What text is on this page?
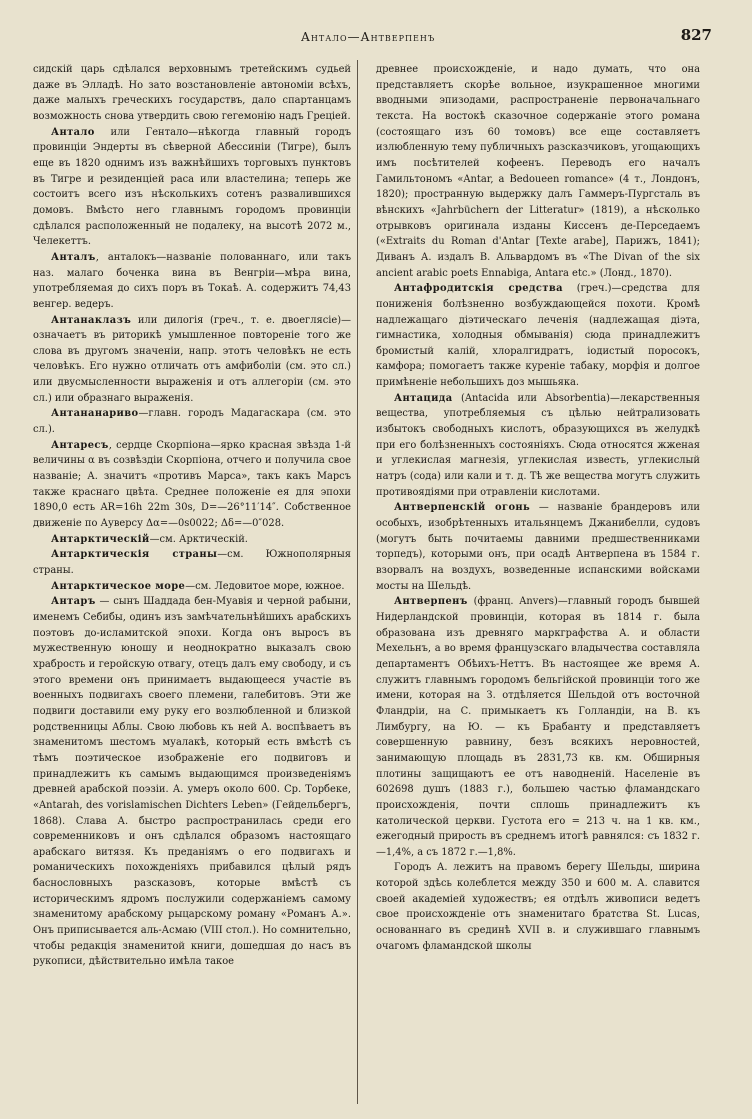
Антало—Антверпенъ	827

сидскій царь сдѣлался верховнымъ третейскимъ судьей даже въ Элладѣ. Но зато возстановленіе автономіи всѣхъ, даже малыхъ греческихъ государствъ, дало спартанцамъ возможность снова утвердить свою гегемонію надъ Греціей.

Антало или Гентало—нѣкогда главный городъ провинціи Эндерты въ сѣверной Абессиніи (Тигре), былъ еще въ 1820 однимъ изъ важнѣйшихъ торговыхъ пунктовъ въ Тигре и резиденціей раса или властелина; теперь же состоитъ всего изъ нѣсколькихъ сотенъ развалившихся домовъ. Вмѣсто него главнымъ городомъ провинціи сдѣлался расположенный не подалеку, на высотѣ 2072 м., Челекеттъ.

Анталъ, анталокъ—названіе полованнаго, или такъ наз. малаго боченка вина въ Венгріи—мѣра вина, употребляемая до сихъ поръ въ Токаѣ. А. содержитъ 74,43 венгер. ведеръ.

Антанаклазъ или дилогія (греч., т. е. двоеглясіе)—означаетъ въ риторикѣ умышленное повтореніе того же слова въ другомъ значеніи, напр. этотъ человѣкъ не есть человѣкъ. Его нужно отличать отъ амфиболіи (см. это сл.) или двусмысленности выраженія и отъ аллегоріи (см. это сл.) или образнаго выраженія.

Антананариво—главн. городъ Мадагаскара (см. это сл.).

Антаресъ, сердце Скорпіона—ярко красная звѣзда 1-й величины α въ созвѣздіи Скорпіона, отчего и получила свое названіе; А. значитъ «противъ Марса», такъ какъ Марсъ также краснаго цвѣта. Среднее положеніе ея для эпохи 1890,0 есть AR=16h 22m 30s, D=—26°11′14″. Собственное движеніе по Ауверсу Δα=—0s0022; Δδ=—0″028.

Антарктическій—см. Арктическій.

Антарктическія страны—см. Южнополярныя страны.

Антарктическое море—см. Ледовитое море, южное.

Антаръ — сынъ Шаддада бен-Муавія и черной рабыни, именемъ Себибы, одинъ изъ замѣчательнѣйшихъ арабскихъ поэтовъ до-исламитской эпохи. Когда онъ выросъ въ мужественную юношу и неоднократно выказалъ свою храбрость и геройскую отвагу, отецъ далъ ему свободу, и съ этого времени онъ принимаетъ выдающееся участіе въ военныхъ подвигахъ своего племени, галебитовъ. Эти же подвиги доставили ему руку его возлюбленной и близкой родственницы Аблы. Свою любовь къ ней А. воспѣваетъ въ знаменитомъ шестомъ муалакѣ, который есть вмѣстѣ съ тѣмъ поэтическое изображеніе его подвиговъ и принадлежитъ къ самымъ выдающимся произведеніямъ древней арабской поэзіи. А. умеръ около 600. Ср. Торбеке, «Antarah, des vorislamischen Dichters Leben» (Гейдельбергъ, 1868). Слава А. быстро распространилась среди его современниковъ и онъ сдѣлался образомъ настоящаго арабскаго витязя. Къ преданіямъ о его подвигахъ и романическихъ похожденіяхъ прибавился цѣлый рядъ баснословныхъ разсказовъ, которые вмѣстѣ съ историческимъ ядромъ послужили содержаніемъ самому знаменитому арабскому рыцарскому роману «Романъ А.». Онъ приписывается аль-Асмаю (VIII стол.). Но сомнительно, чтобы редакція знаменитой книги, дошедшая до насъ въ рукописи, дѣйствительно имѣла такое

древнее происхожденіе, и надо думать, что она представляетъ скорѣе вольное, изукрашенное многими вводными эпизодами, распространеніе первоначальнаго текста. На востокѣ сказочное содержаніе этого романа (состоящаго изъ 60 томовъ) все еще составляетъ излюбленную тему публичныхъ разсказчиковъ, угощающихъ имъ посѣтителей кофеенъ. Переводъ его началъ Гамильтономъ «Antar, a Bedoueen romance» (4 т., Лондонъ, 1820); пространную выдержку далъ Гаммеръ-Пургсталь въ вѣнскихъ «Jahrbüchern der Litteratur» (1819), а нѣсколько отрывковъ оригинала изданы Киссенъ де-Перседаемъ («Extraits du Roman d'Antar [Texte arabe], Парижъ, 1841); Диванъ А. издалъ В. Альвардомъ въ «The Divan of the six ancient arabic poets Ennabiga, Antara etc.» (Лонд., 1870).

Антафродитскія средства (греч.)—средства для пониженія болѣзненно возбуждающейся похоти. Кромѣ надлежащаго діэтическаго леченія (надлежащая діэта, гимнастика, холодныя обмыванія) сюда принадлежитъ бромистый калій, хлоралгидратъ, іодистый поросокъ, камфора; помогаетъ также куреніе табаку, морфія и долгое примѣненіе небольшихъ доз мышьяка.

Антацида (Antacida или Absorbentia)—лекарственныя вещества, употребляемыя съ цѣлью нейтрализовать избытокъ свободныхъ кислотъ, образующихся въ желудкѣ при его болѣзненныхъ состояніяхъ. Сюда относятся жженая и углекислая магнезія, углекислая известь, углекислый натръ (сода) или кали и т. д. Тѣ же вещества могутъ служить противоядіями при отравленіи кислотами.

Антверпенскій огонь — названіе брандеровъ или особыхъ, изобрѣтенныхъ итальянцемъ Джанибелли, судовъ (могутъ быть почитаемы давними предшественниками торпедъ), которыми онъ, при осадѣ Антверпена въ 1584 г. взорвалъ на воздухъ, возведенные испанскими войсками мосты на Шельдѣ.

Антверпенъ (франц. Anvers)—главный городъ бывшей Нидерландской провинціи, которая въ 1814 г. была образована изъ древняго маркграфства А. и области Мехельнъ, а во время французскаго владычества составляла департаментъ Обѣихъ-Неттъ. Въ настоящее же время А. служитъ главнымъ городомъ бельгійской провинціи того же имени, которая на З. отдѣляется Шельдой отъ восточной Фландріи, на С. примыкаетъ къ Голландіи, на В. къ Лимбургу, на Ю. — къ Брабанту и представляетъ совершенную равнину, безъ всякихъ неровностей, занимающую площадь въ 2831,73 кв. км. Обширныя плотины защищаютъ ее отъ наводненій. Населеніе въ 602698 душъ (1883 г.), большею частью фламандскаго происхожденія, почти сплошь принадлежитъ къ католической церкви. Густота его = 213 ч. на 1 кв. км., ежегодный прирость въ среднемъ итогѣ равнялся: съ 1832 г.—1,4%, а съ 1872 г.—1,8%.

Городъ А. лежитъ на правомъ берегу Шельды, ширина которой здѣсь колеблется между 350 и 600 м. А. славится своей академіей художествъ; ея отдѣлъ живописи ведетъ свое происхожденіе отъ знаменитаго братства St. Lucas, основаннаго въ срединѣ XVII в. и служившаго главнымъ очагомъ фламандской школы
